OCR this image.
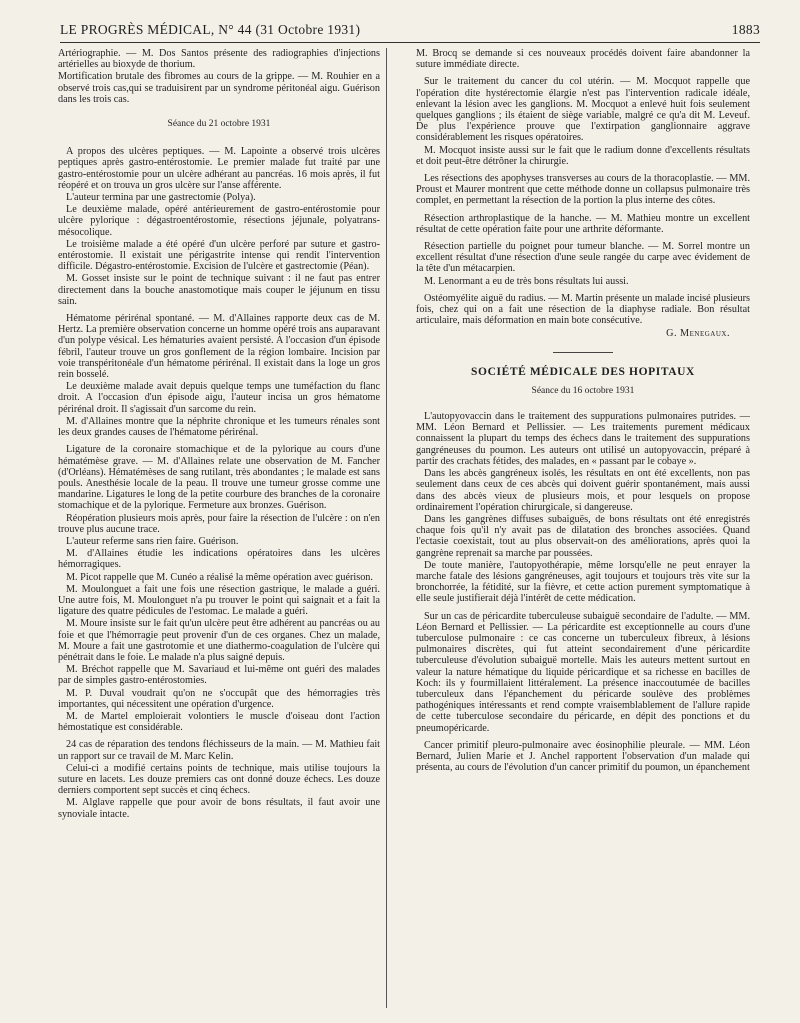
LE PROGRÈS MÉDICAL, N° 44 (31 Octobre 1931)	1883

Artériographie. — M. Dos Santos présente des radiographies d'injections artérielles au bioxyde de thorium.

Mortification brutale des fibromes au cours de la grippe. — M. Rouhier en a observé trois cas,qui se traduisirent par un syndrome péritonéal aigu. Guérison dans les trois cas.

Séance du 21 octobre 1931

A propos des ulcères peptiques. — M. Lapointe a observé trois ulcères peptiques après gastro-entérostomie. Le premier malade fut traité par une gastro-entérostomie pour un ulcère adhérant au pancréas. 16 mois après, il fut réopéré et on trouva un gros ulcère sur l'anse afférente.

L'auteur termina par une gastrectomie (Polya).

Le deuxième malade, opéré antérieurement de gastro-entérostomie pour ulcère pylorique : dégastroentérostomie, résections jéjunale, polyatrans-mésocolique.

Le troisième malade a été opéré d'un ulcère perforé par suture et gastro-entérostomie. Il existait une périgastrite intense qui rendit l'intervention difficile. Dégastro-entérostomie. Excision de l'ulcère et gastrectomie (Péan).

M. Gosset insiste sur le point de technique suivant : il ne faut pas entrer directement dans la bouche anastomotique mais couper le jéjunum en tissu sain.

Hématome périrénal spontané. — M. d'Allaines rapporte deux cas de M. Hertz. La première observation concerne un homme opéré trois ans auparavant d'un polype vésical. Les hématuries avaient persisté. A l'occasion d'un épisode fébril, l'auteur trouve un gros gonflement de la région lombaire. Incision par voie transpéritonéale d'un hématome périrénal. Il existait dans la loge un gros rein bosselé.

Le deuxième malade avait depuis quelque temps une tuméfaction du flanc droit. A l'occasion d'un épisode aigu, l'auteur incisa un gros hématome périrénal droit. Il s'agissait d'un sarcome du rein.

M. d'Allaines montre que la néphrite chronique et les tumeurs rénales sont les deux grandes causes de l'hématome périrénal.

Ligature de la coronaire stomachique et de la pylorique au cours d'une hématémèse grave. — M. d'Allaines relate une observation de M. Fancher (d'Orléans). Hématémèses de sang rutilant, très abondantes ; le malade est sans pouls. Anesthésie locale de la peau. Il trouve une tumeur grosse comme une mandarine. Ligatures le long de la petite courbure des branches de la coronaire stomachique et de la pylorique. Fermeture aux bronzes. Guérison.

Réopération plusieurs mois après, pour faire la résection de l'ulcère : on n'en trouve plus aucune trace.

L'auteur referme sans rien faire. Guérison.

M. d'Allaines étudie les indications opératoires dans les ulcères hémorragiques.

M. Picot rappelle que M. Cunéo a réalisé la même opération avec guérison.

M. Moulonguet a fait une fois une résection gastrique, le malade a guéri. Une autre fois, M. Moulonguet n'a pu trouver le point qui saignait et a fait la ligature des quatre pédicules de l'estomac. Le malade a guéri.

M. Moure insiste sur le fait qu'un ulcère peut être adhérent au pancréas ou au foie et que l'hémorragie peut provenir d'un de ces organes. Chez un malade, M. Moure a fait une gastrotomie et une diathermo-coagulation de l'ulcère qui pénétrait dans le foie. Le malade n'a plus saigné depuis.

M. Bréchot rappelle que M. Savariaud et lui-même ont guéri des malades par de simples gastro-entérostomies.

M. P. Duval voudrait qu'on ne s'occupât que des hémorragies très importantes, qui nécessitent une opération d'urgence.

M. de Martel emploierait volontiers le muscle d'oiseau dont l'action hémostatique est considérable.

24 cas de réparation des tendons fléchisseurs de la main. — M. Mathieu fait un rapport sur ce travail de M. Marc Kelin.

Celui-ci a modifié certains points de technique, mais utilise toujours la suture en lacets. Les douze premiers cas ont donné douze échecs. Les douze derniers comportent sept succès et cinq échecs.

M. Alglave rappelle que pour avoir de bons résultats, il faut avoir une synoviale intacte.

M. Brocq se demande si ces nouveaux procédés doivent faire abandonner la suture immédiate directe.

Sur le traitement du cancer du col utérin. — M. Mocquot rappelle que l'opération dite hystérectomie élargie n'est pas l'intervention radicale idéale, enlevant la lésion avec les ganglions. M. Mocquot a enlevé huit fois seulement quelques ganglions ; ils étaient de siège variable, malgré ce qu'a dit M. Leveuf. De plus l'expérience prouve que l'extirpation ganglionnaire aggrave considérablement les risques opératoires.

M. Mocquot insiste aussi sur le fait que le radium donne d'excellents résultats et doit peut-être détrôner la chirurgie.

Les résections des apophyses transverses au cours de la thoracoplastie. — MM. Proust et Maurer montrent que cette méthode donne un collapsus pulmonaire très complet, en permettant la résection de la portion la plus interne des côtes.

Résection arthroplastique de la hanche. — M. Mathieu montre un excellent résultat de cette opération faite pour une arthrite déformante.

Résection partielle du poignet pour tumeur blanche. — M. Sorrel montre un excellent résultat d'une résection d'une seule rangée du carpe avec évidement de la tête d'un métacarpien.

M. Lenormant a eu de très bons résultats lui aussi.

Ostéomyélite aiguë du radius. — M. Martin présente un malade incisé plusieurs fois, chez qui on a fait une résection de la diaphyse radiale. Bon résultat articulaire, mais déformation en main bote consécutive.

G. Menegaux.
SOCIÉTÉ MÉDICALE DES HOPITAUX
Séance du 16 octobre 1931

L'autopyovaccin dans le traitement des suppurations pulmonaires putrides. — MM. Léon Bernard et Pellissier. — Les traitements purement médicaux connaissent la plupart du temps des échecs dans le traitement des suppurations gangréneuses du poumon. Les auteurs ont utilisé un autopyovaccin, préparé à partir des crachats fétides, des malades, en « passant par le cobaye ».

Dans les abcès gangréneux isolés, les résultats en ont été excellents, non pas seulement dans ceux de ces abcès qui doivent guérir spontanément, mais aussi dans des abcès vieux de plusieurs mois, et pour lesquels on propose ordinairement l'opération chirurgicale, si dangereuse.

Dans les gangrènes diffuses subaiguës, de bons résultats ont été enregistrés chaque fois qu'il n'y avait pas de dilatation des bronches associées. Quand l'ectasie coexistait, tout au plus observait-on des améliorations, après quoi la gangrène reprenait sa marche par poussées.

De toute manière, l'autopyothérapie, même lorsqu'elle ne peut enrayer la marche fatale des lésions gangréneuses, agit toujours et toujours très vite sur la bronchorrée, la fétidité, sur la fièvre, et cette action purement symptomatique à elle seule justifierait déjà l'intérêt de cette médication.

Sur un cas de péricardite tuberculeuse subaiguë secondaire de l'adulte. — MM. Léon Bernard et Pellissier. — La péricardite est exceptionnelle au cours d'une tuberculose pulmonaire : ce cas concerne un tuberculeux fibreux, à lésions pulmonaires discrètes, qui fut atteint secondairement d'une péricardite tuberculeuse d'évolution subaiguë mortelle. Mais les auteurs mettent surtout en valeur la nature hématique du liquide péricardique et sa richesse en bacilles de Koch: ils y fourmillaient littéralement. La présence inaccoutumée de bacilles tuberculeux dans l'épanchement du péricarde soulève des problèmes pathogéniques intéressants et rend compte vraisemblablement de l'allure rapide de cette tuberculose secondaire du péricarde, en dépit des ponctions et du pneumopéricarde.

Cancer primitif pleuro-pulmonaire avec éosinophilie pleurale. — MM. Léon Bernard, Julien Marie et J. Anchel rapportent l'observation d'un malade qui présenta, au cours de l'évolution d'un cancer primitif du poumon, un épanchement
